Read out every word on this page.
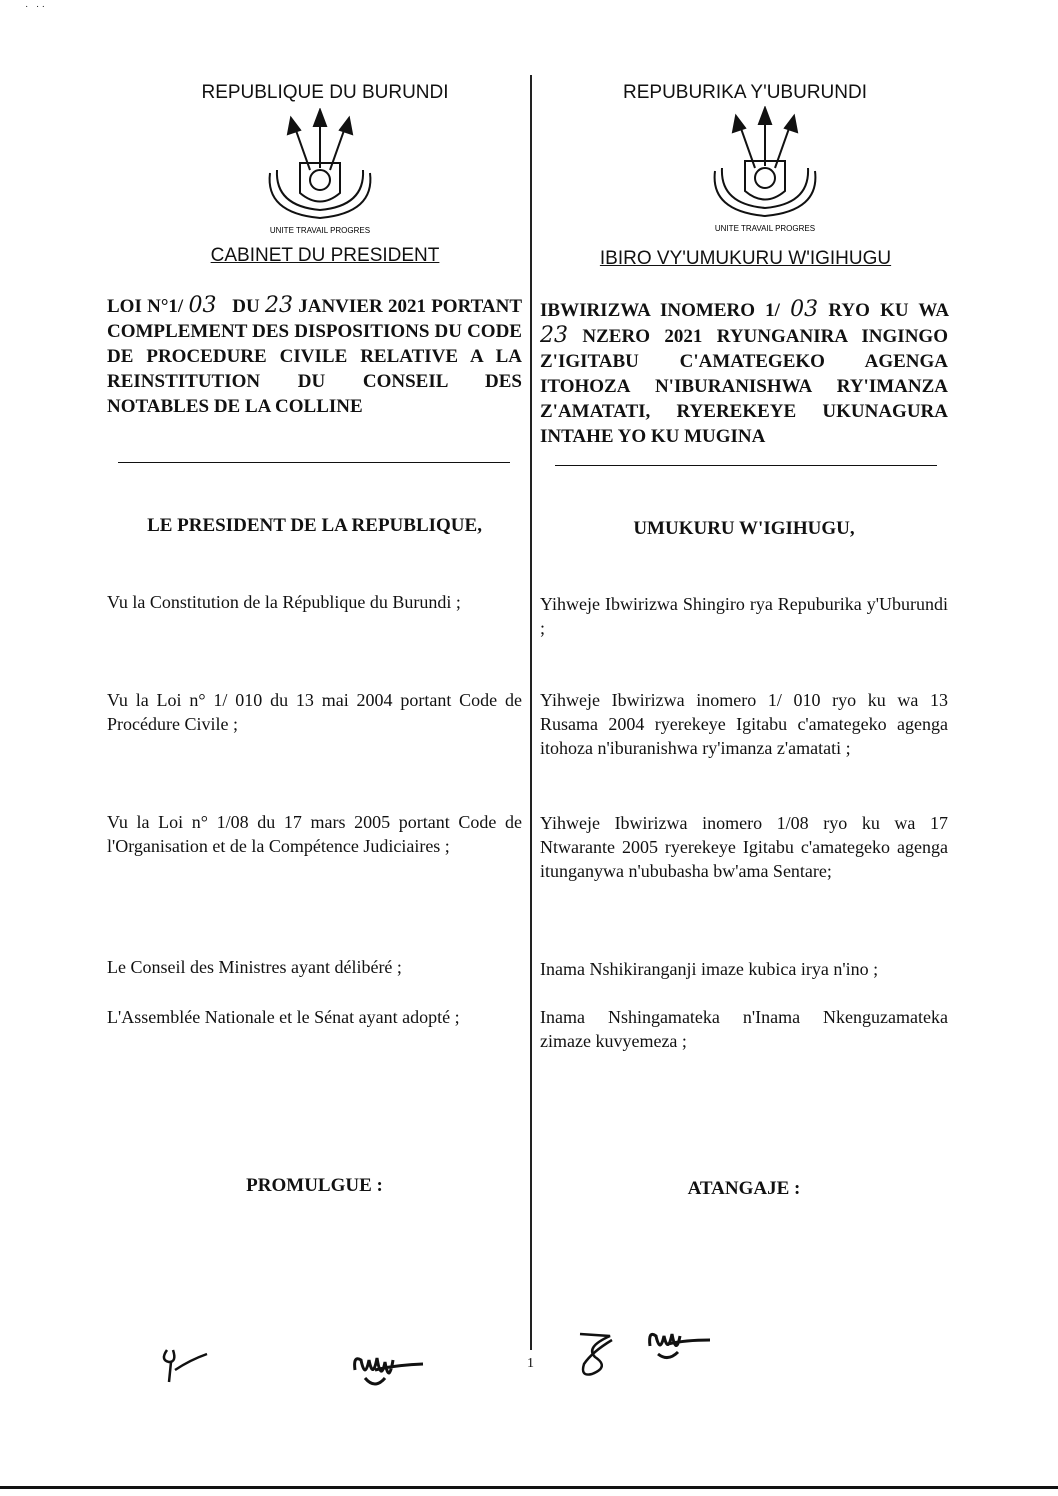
˙   ˙ ˙
REPUBLIQUE DU BURUNDI
UNITE TRAVAIL PROGRES
CABINET DU PRESIDENT
LOI N°1/ 03 DU 23 JANVIER 2021 PORTANT COMPLEMENT DES DISPOSITIONS DU CODE DE PROCEDURE CIVILE RELATIVE A LA REINSTITUTION DU CONSEIL DES NOTABLES DE LA COLLINE
LE PRESIDENT DE LA REPUBLIQUE,
Vu la Constitution de la République du Burundi ;
Vu la Loi n° 1/ 010 du 13 mai 2004 portant Code de Procédure Civile ;
Vu la Loi n° 1/08 du 17 mars 2005 portant Code de l'Organisation et de la Compétence Judiciaires ;
Le Conseil des Ministres ayant délibéré ;
L'Assemblée Nationale et le Sénat ayant adopté ;
PROMULGUE :
REPUBURIKA Y'UBURUNDI
UNITE TRAVAIL PROGRES
IBIRO VY'UMUKURU W'IGIHUGU
IBWIRIZWA INOMERO 1/ 03 RYO KU WA 23 NZERO 2021 RYUNGANIRA INGINGO Z'IGITABU C'AMATEGEKO AGENGA ITOHOZA N'IBURANISHWA RY'IMANZA Z'AMATATI, RYEREKEYE UKUNAGURA INTAHE YO KU MUGINA
UMUKURU W'IGIHUGU,
Yihweje Ibwirizwa Shingiro rya Repuburika y'Uburundi ;
Yihweje Ibwirizwa inomero 1/ 010 ryo ku wa 13 Rusama 2004 ryerekeye Igitabu c'amategeko agenga itohoza n'iburanishwa ry'imanza z'amatati ;
Yihweje Ibwirizwa inomero 1/08 ryo ku wa 17 Ntwarante 2005 ryerekeye Igitabu c'amategeko agenga itunganywa n'ububasha bw'ama Sentare;
Inama Nshikiranganji imaze kubica irya n'ino ;
Inama Nshingamateka n'Inama Nkenguzamateka zimaze kuvyemeza ;
ATANGAJE :
1
